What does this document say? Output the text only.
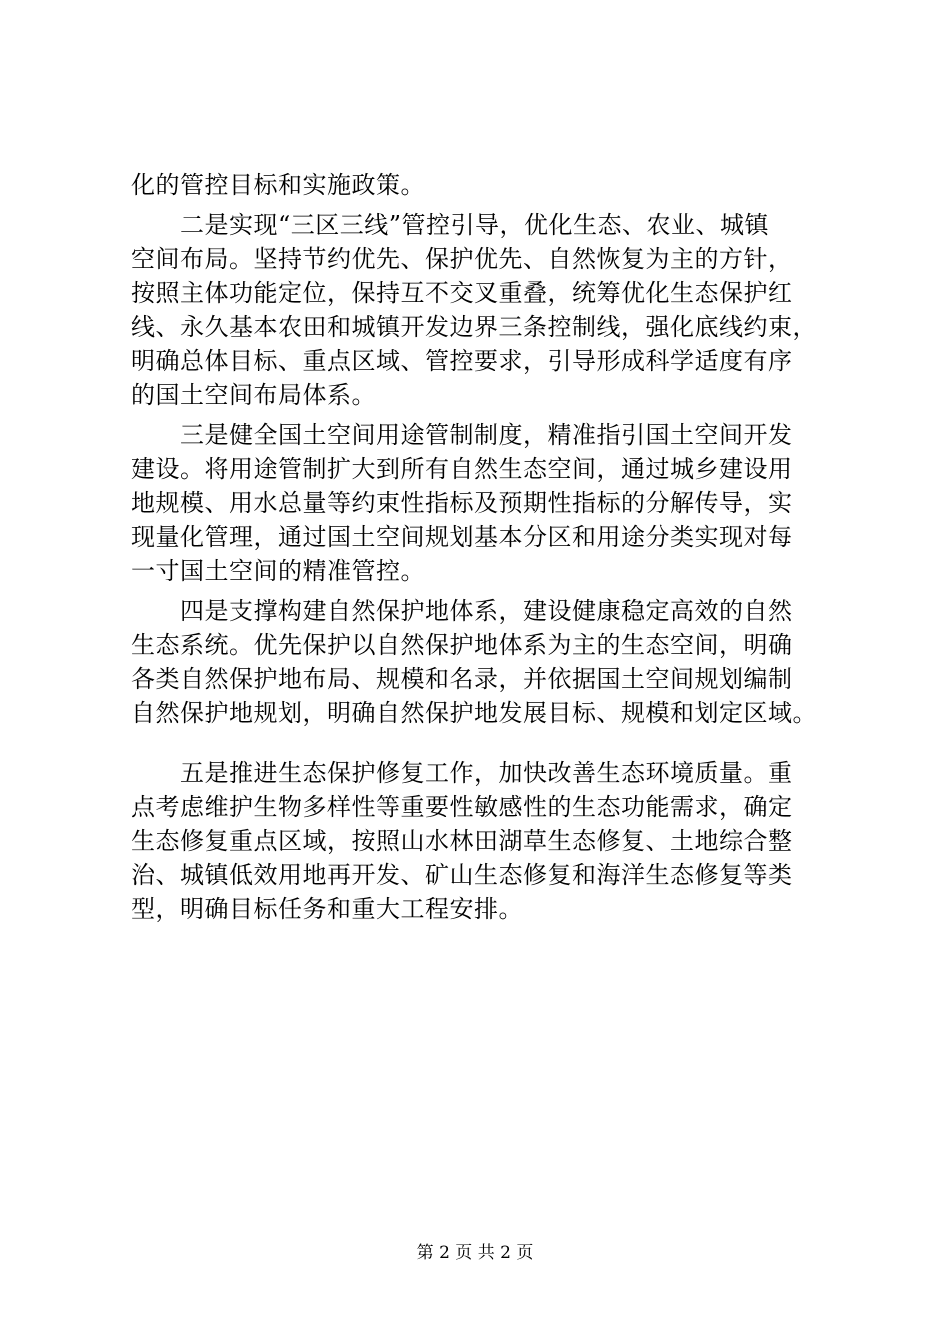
化的管控目标和实施政策。
　　二是实现“三区三线”管控引导，优化生态、农业、城镇
空间布局。坚持节约优先、保护优先、自然恢复为主的方针，
按照主体功能定位，保持互不交叉重叠，统筹优化生态保护红
线、永久基本农田和城镇开发边界三条控制线，强化底线约束，
明确总体目标、重点区域、管控要求，引导形成科学适度有序
的国土空间布局体系。
　　三是健全国土空间用途管制制度，精准指引国土空间开发
建设。将用途管制扩大到所有自然生态空间，通过城乡建设用
地规模、用水总量等约束性指标及预期性指标的分解传导，实
现量化管理，通过国土空间规划基本分区和用途分类实现对每
一寸国土空间的精准管控。
　　四是支撑构建自然保护地体系，建设健康稳定高效的自然
生态系统。优先保护以自然保护地体系为主的生态空间，明确
各类自然保护地布局、规模和名录，并依据国土空间规划编制
自然保护地规划，明确自然保护地发展目标、规模和划定区域。
　　五是推进生态保护修复工作，加快改善生态环境质量。重
点考虑维护生物多样性等重要性敏感性的生态功能需求，确定
生态修复重点区域，按照山水林田湖草生态修复、土地综合整
治、城镇低效用地再开发、矿山生态修复和海洋生态修复等类
型，明确目标任务和重大工程安排。
第 2 页 共 2 页
